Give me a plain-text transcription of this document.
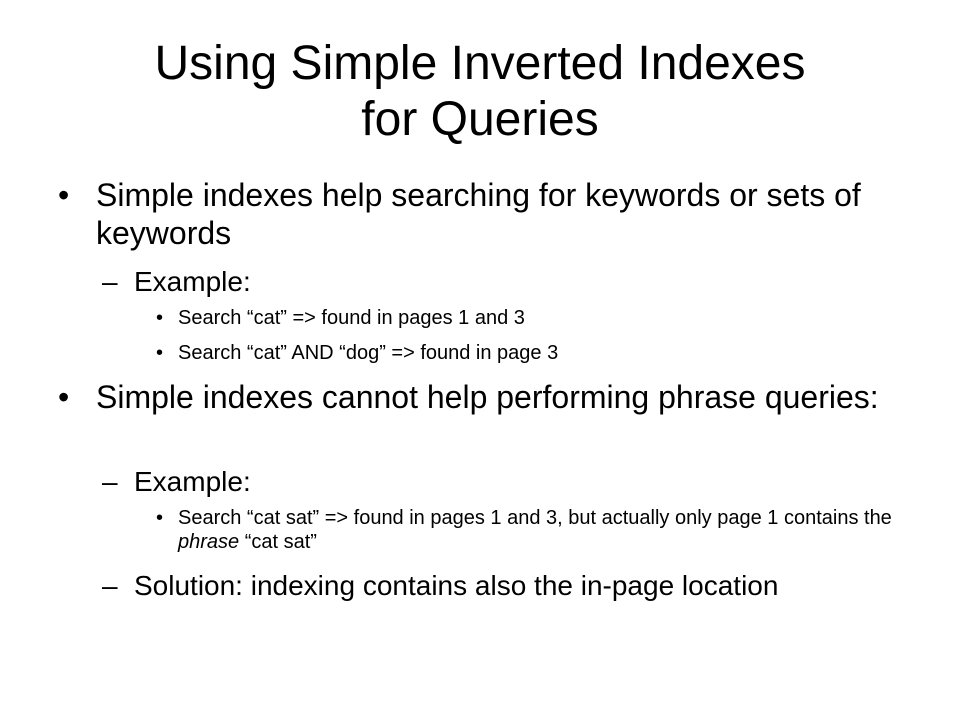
Using Simple Inverted Indexes
for Queries
• Simple indexes help searching for keywords or sets of keywords
– Example:
• Search “cat” => found in pages 1 and 3
• Search “cat” AND “dog” => found in page 3
• Simple indexes cannot help performing phrase queries:
– Example:
• Search “cat sat” => found in pages 1 and 3, but actually only page 1 contains the phrase “cat sat”
– Solution: indexing contains also the in-page location
